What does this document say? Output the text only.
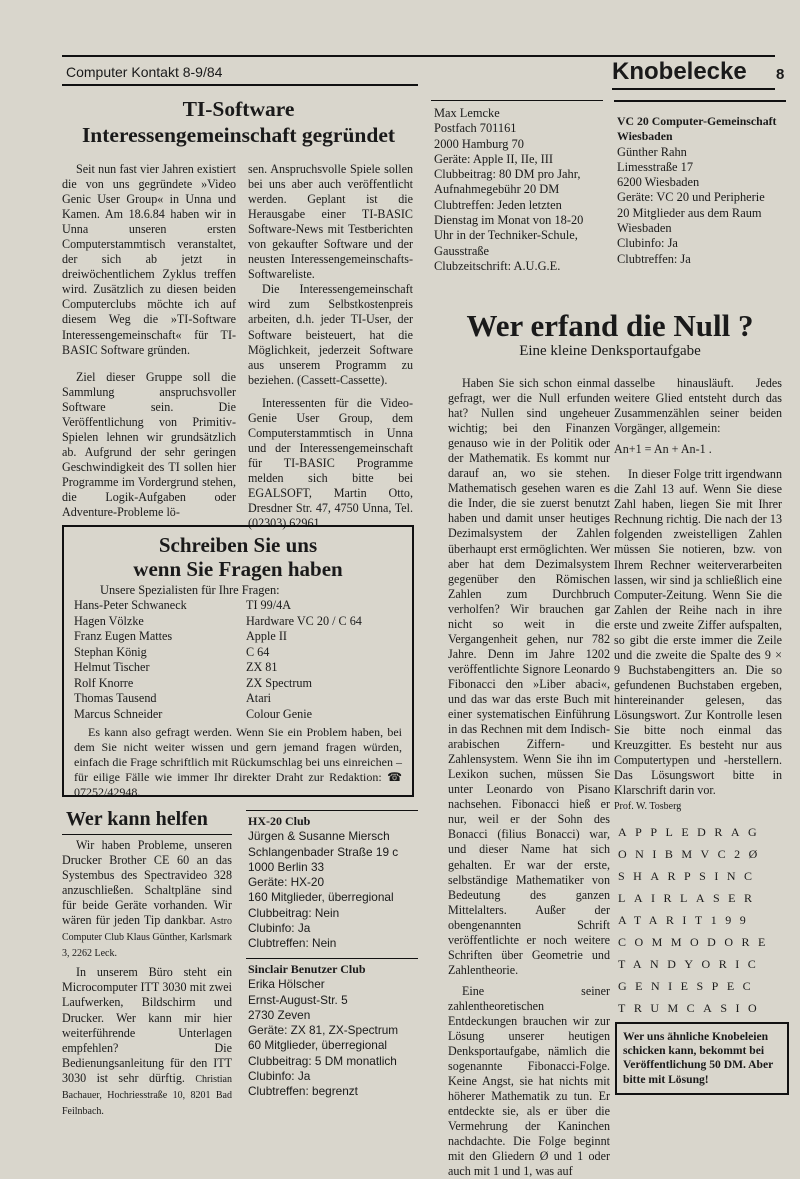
Computer Kontakt 8-9/84	Knobelecke 8
TI-Software
Interessengemeinschaft gegründet

Seit nun fast vier Jahren existiert die von uns gegründete »Video Genic User Group« in Unna und Kamen. Am 18.6.84 haben wir in Unna unseren ersten Computerstammtisch veranstaltet, der sich ab jetzt in dreiwöchentlichem Zyklus treffen wird. Zusätzlich zu diesen beiden Computerclubs möchte ich auf diesem Weg die »TI-Software Interessengemeinschaft« für TI-BASIC Software gründen.

Ziel dieser Gruppe soll die Sammlung anspruchsvoller Software sein. Die Veröffentlichung von Primitiv-Spielen lehnen wir grundsätzlich ab. Aufgrund der sehr geringen Geschwindigkeit des TI sollen hier Programme im Vordergrund stehen, die Logik-Aufgaben oder Adventure-Probleme lö-

sen. Anspruchsvolle Spiele sollen bei uns aber auch veröffentlicht werden. Geplant ist die Herausgabe einer TI-BASIC Software-News mit Testberichten von gekaufter Software und der neusten Interessengemeinschafts-Softwareliste.

Die Interessengemeinschaft wird zum Selbstkostenpreis arbeiten, d.h. jeder TI-User, der Software beisteuert, hat die Möglichkeit, jederzeit Software aus unserem Programm zu beziehen. (Cassett-Cassette).

Interessenten für die Video-Genie User Group, dem Computerstammtisch in Unna und der Interessengemeinschaft für TI-BASIC Programme melden sich bitte bei EGALSOFT, Martin Otto, Dresdner Str. 47, 4750 Unna, Tel. (02303) 62961.

Max Lemcke
Postfach 701161
2000 Hamburg 70
Geräte: Apple II, IIe, III
Clubbeitrag: 80 DM pro Jahr,
Aufnahmegebühr 20 DM
Clubtreffen: Jeden letzten
Dienstag im Monat von 18-20
Uhr in der Techniker-Schule,
Gausstraße
Clubzeitschrift: A.U.G.E.
VC 20 Computer-Gemeinschaft
Wiesbaden
Günther Rahn
Limesstraße 17
6200 Wiesbaden
Geräte: VC 20 und Peripherie
20 Mitglieder aus dem Raum
Wiesbaden
Clubinfo: Ja
Clubtreffen: Ja
Wer erfand die Null ?
Eine kleine Denksportaufgabe

Haben Sie sich schon einmal gefragt, wer die Null erfunden hat? Nullen sind ungeheuer wichtig; bei den Finanzen genauso wie in der Politik oder der Mathematik. Es kommt nur darauf an, wo sie stehen. Mathematisch gesehen waren es die Inder, die sie zuerst benutzt haben und damit unser heutiges Dezimalsystem der Zahlen überhaupt erst ermöglichten. Wer aber hat dem Dezimalsystem gegenüber den Römischen Zahlen zum Durchbruch verholfen? Wir brauchen gar nicht so weit in die Vergangenheit gehen, nur 782 Jahre. Denn im Jahre 1202 veröffentlichte Signore Leonardo Fibonacci den »Liber abaci«, und das war das erste Buch mit einer systematischen Einführung in das Rechnen mit dem Indisch-arabischen Ziffern- und Zahlensystem. Wenn Sie ihn im Lexikon suchen, müssen Sie unter Leonardo von Pisano nachsehen. Fibonacci hieß er nur, weil er der Sohn des Bonacci (filius Bonacci) war, und dieser Name hat sich gehalten. Er war der erste, selbständige Mathematiker von Bedeutung des ganzen Mittelalters. Außer der obengenannten Schrift veröffentlichte er noch weitere Schriften über Geometrie und Zahlentheorie.

Eine seiner zahlentheoretischen Entdeckungen brauchen wir zur Lösung unserer heutigen Denksportaufgabe, nämlich die sogenannte Fibonacci-Folge. Keine Angst, sie hat nichts mit höherer Mathematik zu tun. Er entdeckte sie, als er über die Vermehrung der Kaninchen nachdachte. Die Folge beginnt mit den Gliedern Ø und 1 oder auch mit 1 und 1, was auf

dasselbe hinausläuft. Jedes weitere Glied entsteht durch das Zusammenzählen seiner beiden Vorgänger, allgemein:

An+1 = An + An-1 .

In dieser Folge tritt irgendwann die Zahl 13 auf. Wenn Sie diese Zahl haben, liegen Sie mit Ihrer Rechnung richtig. Die nach der 13 folgenden zweistelligen Zahlen müssen Sie notieren, bzw. von Ihrem Rechner weiterverarbeiten lassen, wir sind ja schließlich eine Computer-Zeitung. Wenn Sie die Zahlen der Reihe nach in ihre erste und zweite Ziffer aufspalten, so gibt die erste immer die Zeile und die zweite die Spalte des 9 × 9 Buchstabengitters an. Die so gefundenen Buchstaben ergeben, hintereinander gelesen, das Lösungswort. Zur Kontrolle lesen Sie bitte noch einmal das Kreuzgitter. Es besteht nur aus Computertypen und -herstellern. Das Lösungswort bitte in Klarschrift darin vor.

Prof. W. Tosberg
APPLEDRAG
ONIBMVC2Ø
SHARPSINC
LAIRLASER
ATARIT199
COMMODORE
TANDYORIC
GENIESPEC
TRUMCASIO
Wer uns ähnliche Knobeleien schicken kann, bekommt bei Veröffentlichung 50 DM. Aber bitte mit Lösung!
Schreiben Sie uns
wenn Sie Fragen haben
Unsere Spezialisten für Ihre Fragen:
Hans-Peter Schwaneck	TI 99/4A
Hagen Völzke	Hardware VC 20 / C 64
Franz Eugen Mattes	Apple II
Stephan König	C 64
Helmut Tischer	ZX 81
Rolf Knorre	ZX Spectrum
Thomas Tausend	Atari
Marcus Schneider	Colour Genie

Es kann also gefragt werden. Wenn Sie ein Problem haben, bei dem Sie nicht weiter wissen und gern jemand fragen würden, einfach die Frage schriftlich mit Rückumschlag bei uns einreichen – für eilige Fälle wie immer Ihr direkter Draht zur Redaktion: ☎ 07252/42948.

Wer kann helfen

Wir haben Probleme, unseren Drucker Brother CE 60 an das Systembus des Spectravideo 328 anzuschließen. Schaltpläne sind für beide Geräte vorhanden. Wir wären für jeden Tip dankbar. Astro Computer Club Klaus Günther, Karlsmark 3, 2262 Leck.

In unserem Büro steht ein Microcomputer ITT 3030 mit zwei Laufwerken, Bildschirm und Drucker. Wer kann mir hier weiterführende Unterlagen empfehlen? Die Bedienungsanleitung für den ITT 3030 ist sehr dürftig. Christian Bachauer, Hochriesstraße 10, 8201 Bad Feilnbach.

HX-20 Club
Jürgen & Susanne Miersch
Schlangenbader Straße 19 c
1000 Berlin 33
Geräte: HX-20
160 Mitglieder, überregional
Clubbeitrag: Nein
Clubinfo: Ja
Clubtreffen: Nein
Sinclair Benutzer Club
Erika Hölscher
Ernst-August-Str. 5
2730 Zeven
Geräte: ZX 81, ZX-Spectrum
60 Mitglieder, überregional
Clubbeitrag: 5 DM monatlich
Clubinfo: Ja
Clubtreffen: begrenzt
